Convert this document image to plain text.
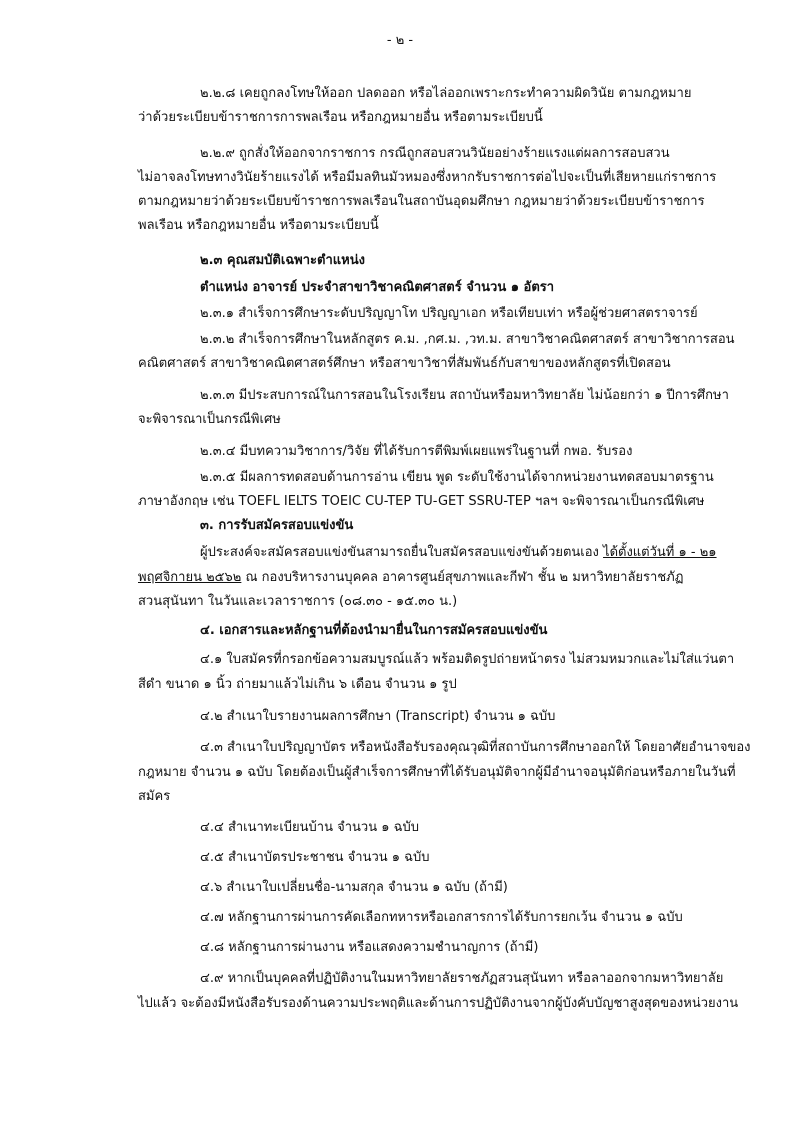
- ๒ -
๒.๒.๘ เคยถูกลงโทษให้ออก ปลดออก หรือไล่ออกเพราะกระทำความผิดวินัย ตามกฎหมาย
ว่าด้วยระเบียบข้าราชการการพลเรือน หรือกฎหมายอื่น หรือตามระเบียบนี้
๒.๒.๙ ถูกสั่งให้ออกจากราชการ กรณีถูกสอบสวนวินัยอย่างร้ายแรงแต่ผลการสอบสวน
ไม่อาจลงโทษทางวินัยร้ายแรงได้ หรือมีมลทินมัวหมองซึ่งหากรับราชการต่อไปจะเป็นที่เสียหายแก่ราชการ
ตามกฎหมายว่าด้วยระเบียบข้าราชการพลเรือนในสถาบันอุดมศึกษา กฎหมายว่าด้วยระเบียบข้าราชการ
พลเรือน หรือกฎหมายอื่น หรือตามระเบียบนี้
๒.๓ คุณสมบัติเฉพาะตำแหน่ง
ตำแหน่ง อาจารย์ ประจำสาขาวิชาคณิตศาสตร์ จำนวน ๑ อัตรา
๒.๓.๑ สำเร็จการศึกษาระดับปริญญาโท ปริญญาเอก หรือเทียบเท่า หรือผู้ช่วยศาสตราจารย์
๒.๓.๒ สำเร็จการศึกษาในหลักสูตร ค.ม. ,กศ.ม. ,วท.ม. สาขาวิชาคณิตศาสตร์ สาขาวิชาการสอน
คณิตศาสตร์ สาขาวิชาคณิตศาสตร์ศึกษา หรือสาขาวิชาที่สัมพันธ์กับสาขาของหลักสูตรที่เปิดสอน
๒.๓.๓ มีประสบการณ์ในการสอนในโรงเรียน สถาบันหรือมหาวิทยาลัย ไม่น้อยกว่า ๑ ปีการศึกษา
จะพิจารณาเป็นกรณีพิเศษ
๒.๓.๔ มีบทความวิชาการ/วิจัย ที่ได้รับการตีพิมพ์เผยแพร่ในฐานที่ กพอ. รับรอง
๒.๓.๕ มีผลการทดสอบด้านการอ่าน เขียน พูด ระดับใช้งานได้จากหน่วยงานทดสอบมาตรฐาน
ภาษาอังกฤษ เช่น TOEFL IELTS TOEIC CU-TEP TU-GET SSRU-TEP ฯลฯ จะพิจารณาเป็นกรณีพิเศษ
๓. การรับสมัครสอบแข่งขัน
ผู้ประสงค์จะสมัครสอบแข่งขันสามารถยื่นใบสมัครสอบแข่งขันด้วยตนเอง ได้ตั้งแต่วันที่ ๑ - ๒๑
พฤศจิกายน ๒๕๖๒ ณ กองบริหารงานบุคคล อาคารศูนย์สุขภาพและกีฬา ชั้น ๒ มหาวิทยาลัยราชภัฏ
สวนสุนันทา ในวันและเวลาราชการ (๐๘.๓๐ - ๑๕.๓๐ น.)
๔. เอกสารและหลักฐานที่ต้องนำมายื่นในการสมัครสอบแข่งขัน
๔.๑ ใบสมัครที่กรอกข้อความสมบูรณ์แล้ว พร้อมติดรูปถ่ายหน้าตรง ไม่สวมหมวกและไม่ใส่แว่นตา
สีดำ ขนาด ๑ นิ้ว ถ่ายมาแล้วไม่เกิน ๖ เดือน จำนวน ๑ รูป
๔.๒ สำเนาใบรายงานผลการศึกษา (Transcript) จำนวน ๑ ฉบับ
๔.๓ สำเนาใบปริญญาบัตร หรือหนังสือรับรองคุณวุฒิที่สถาบันการศึกษาออกให้ โดยอาศัยอำนาจของ
กฎหมาย จำนวน ๑ ฉบับ โดยต้องเป็นผู้สำเร็จการศึกษาที่ได้รับอนุมัติจากผู้มีอำนาจอนุมัติก่อนหรือภายในวันที่
สมัคร
๔.๔ สำเนาทะเบียนบ้าน จำนวน ๑ ฉบับ
๔.๕ สำเนาบัตรประชาชน จำนวน ๑ ฉบับ
๔.๖ สำเนาใบเปลี่ยนชื่อ-นามสกุล จำนวน ๑ ฉบับ (ถ้ามี)
๔.๗ หลักฐานการผ่านการคัดเลือกทหารหรือเอกสารการได้รับการยกเว้น จำนวน ๑ ฉบับ
๔.๘ หลักฐานการผ่านงาน หรือแสดงความชำนาญการ (ถ้ามี)
๔.๙ หากเป็นบุคคลที่ปฏิบัติงานในมหาวิทยาลัยราชภัฏสวนสุนันทา หรือลาออกจากมหาวิทยาลัย
ไปแล้ว จะต้องมีหนังสือรับรองด้านความประพฤติและด้านการปฏิบัติงานจากผู้บังคับบัญชาสูงสุดของหน่วยงาน
